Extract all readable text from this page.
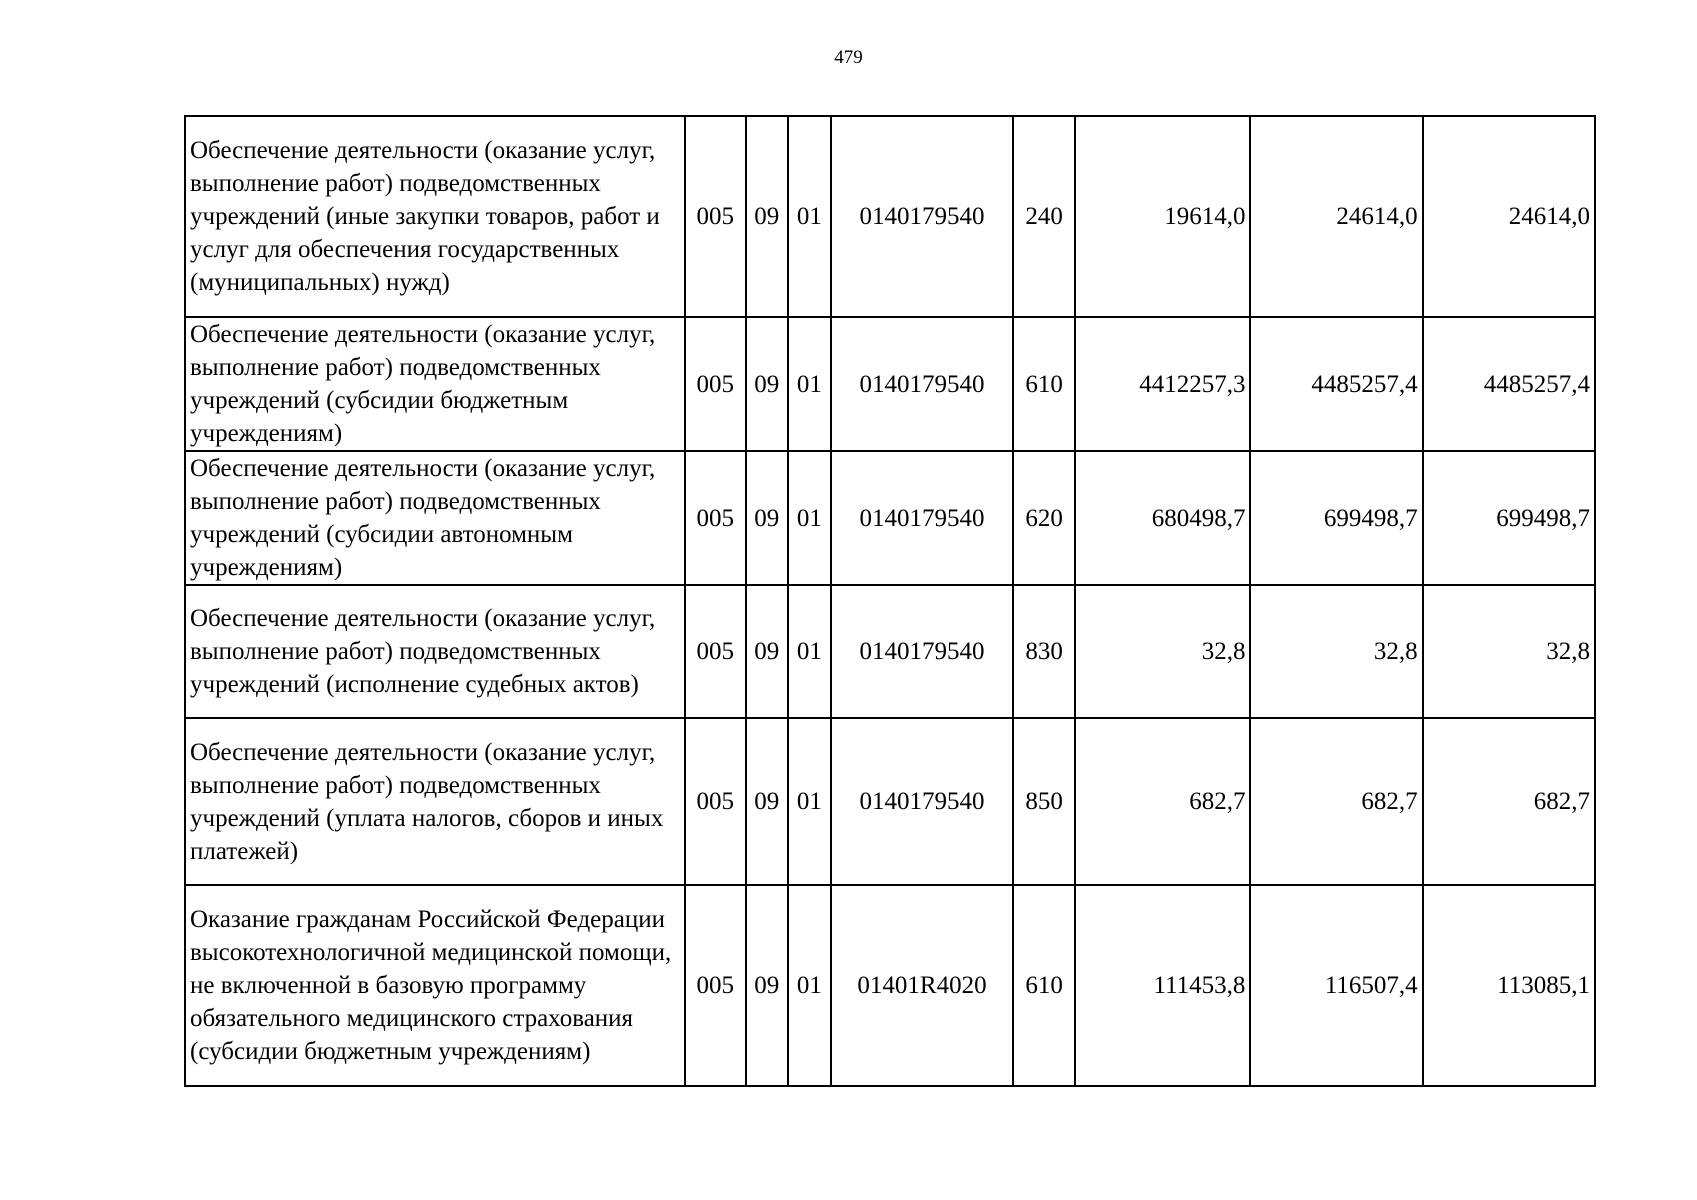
479
Обеспечение деятельности (оказание услуг, выполнение работ) подведомственных учреждений (иные закупки товаров, работ и услуг для обеспечения государственных (муниципальных) нужд)	005	09	01	0140179540	240	19614,0	24614,0	24614,0
Обеспечение деятельности (оказание услуг, выполнение работ) подведомственных учреждений (субсидии бюджетным учреждениям)	005	09	01	0140179540	610	4412257,3	4485257,4	4485257,4
Обеспечение деятельности (оказание услуг, выполнение работ) подведомственных учреждений (субсидии автономным учреждениям)	005	09	01	0140179540	620	680498,7	699498,7	699498,7
Обеспечение деятельности (оказание услуг, выполнение работ) подведомственных учреждений (исполнение судебных актов)	005	09	01	0140179540	830	32,8	32,8	32,8
Обеспечение деятельности (оказание услуг, выполнение работ) подведомственных учреждений (уплата налогов, сборов и иных платежей)	005	09	01	0140179540	850	682,7	682,7	682,7
Оказание гражданам Российской Федерации высокотехнологичной медицинской помощи, не включенной в базовую программу обязательного медицинского страхования (субсидии бюджетным учреждениям)	005	09	01	01401R4020	610	111453,8	116507,4	113085,1
